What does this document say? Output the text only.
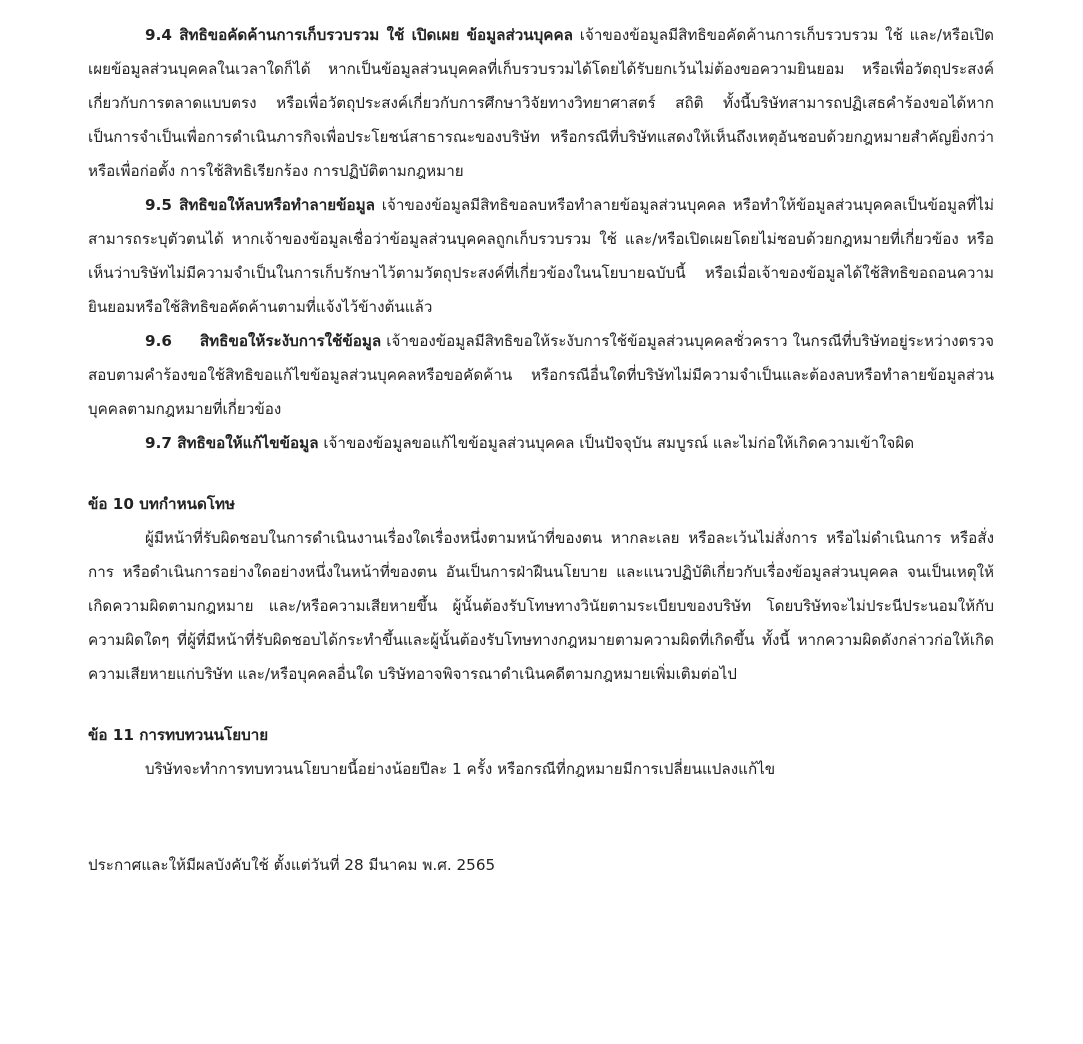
9.4 สิทธิขอคัดค้านการเก็บรวบรวม ใช้ เปิดเผย ข้อมูลส่วนบุคคล เจ้าของข้อมูลมีสิทธิขอคัดค้านการเก็บรวบรวม ใช้ และ/หรือเปิดเผยข้อมูลส่วนบุคคลในเวลาใดก็ได้ หากเป็นข้อมูลส่วนบุคคลที่เก็บรวบรวมได้โดยได้รับยกเว้นไม่ต้องขอความยินยอม หรือเพื่อวัตถุประสงค์เกี่ยวกับการตลาดแบบตรง หรือเพื่อวัตถุประสงค์เกี่ยวกับการศึกษาวิจัยทางวิทยาศาสตร์ สถิติ ทั้งนี้บริษัทสามารถปฏิเสธคำร้องขอได้หากเป็นการจำเป็นเพื่อการดำเนินภารกิจเพื่อประโยชน์สาธารณะของบริษัท หรือกรณีที่บริษัทแสดงให้เห็นถึงเหตุอันชอบด้วยกฎหมายสำคัญยิ่งกว่า หรือเพื่อก่อตั้ง การใช้สิทธิเรียกร้อง การปฏิบัติตามกฎหมาย

9.5 สิทธิขอให้ลบหรือทำลายข้อมูล เจ้าของข้อมูลมีสิทธิขอลบหรือทำลายข้อมูลส่วนบุคคล หรือทำให้ข้อมูลส่วนบุคคลเป็นข้อมูลที่ไม่สามารถระบุตัวตนได้ หากเจ้าของข้อมูลเชื่อว่าข้อมูลส่วนบุคคลถูกเก็บรวบรวม ใช้ และ/หรือเปิดเผยโดยไม่ชอบด้วยกฎหมายที่เกี่ยวข้อง หรือเห็นว่าบริษัทไม่มีความจำเป็นในการเก็บรักษาไว้ตามวัตถุประสงค์ที่เกี่ยวข้องในนโยบายฉบับนี้ หรือเมื่อเจ้าของข้อมูลได้ใช้สิทธิขอถอนความยินยอมหรือใช้สิทธิขอคัดค้านตามที่แจ้งไว้ข้างต้นแล้ว

9.6 สิทธิขอให้ระงับการใช้ข้อมูล เจ้าของข้อมูลมีสิทธิขอให้ระงับการใช้ข้อมูลส่วนบุคคลชั่วคราว ในกรณีที่บริษัทอยู่ระหว่างตรวจสอบตามคำร้องขอใช้สิทธิขอแก้ไขข้อมูลส่วนบุคคลหรือขอคัดค้าน หรือกรณีอื่นใดที่บริษัทไม่มีความจำเป็นและต้องลบหรือทำลายข้อมูลส่วนบุคคลตามกฎหมายที่เกี่ยวข้อง

9.7 สิทธิขอให้แก้ไขข้อมูล เจ้าของข้อมูลขอแก้ไขข้อมูลส่วนบุคคล เป็นปัจจุบัน สมบูรณ์ และไม่ก่อให้เกิดความเข้าใจผิด

ข้อ 10 บทกำหนดโทษ

ผู้มีหน้าที่รับผิดชอบในการดำเนินงานเรื่องใดเรื่องหนึ่งตามหน้าที่ของตน หากละเลย หรือละเว้นไม่สั่งการ หรือไม่ดำเนินการ หรือสั่งการ หรือดำเนินการอย่างใดอย่างหนึ่งในหน้าที่ของตน อันเป็นการฝ่าฝืนนโยบาย และแนวปฏิบัติเกี่ยวกับเรื่องข้อมูลส่วนบุคคล จนเป็นเหตุให้เกิดความผิดตามกฎหมาย และ/หรือความเสียหายขึ้น ผู้นั้นต้องรับโทษทางวินัยตามระเบียบของบริษัท โดยบริษัทจะไม่ประนีประนอมให้กับความผิดใดๆ ที่ผู้ที่มีหน้าที่รับผิดชอบได้กระทำขึ้นและผู้นั้นต้องรับโทษทางกฎหมายตามความผิดที่เกิดขึ้น ทั้งนี้ หากความผิดดังกล่าวก่อให้เกิดความเสียหายแก่บริษัท และ/หรือบุคคลอื่นใด บริษัทอาจพิจารณาดำเนินคดีตามกฎหมายเพิ่มเติมต่อไป

ข้อ 11 การทบทวนนโยบาย

บริษัทจะทำการทบทวนนโยบายนี้อย่างน้อยปีละ 1 ครั้ง หรือกรณีที่กฎหมายมีการเปลี่ยนแปลงแก้ไข

ประกาศและให้มีผลบังคับใช้ ตั้งแต่วันที่ 28 มีนาคม พ.ศ. 2565
